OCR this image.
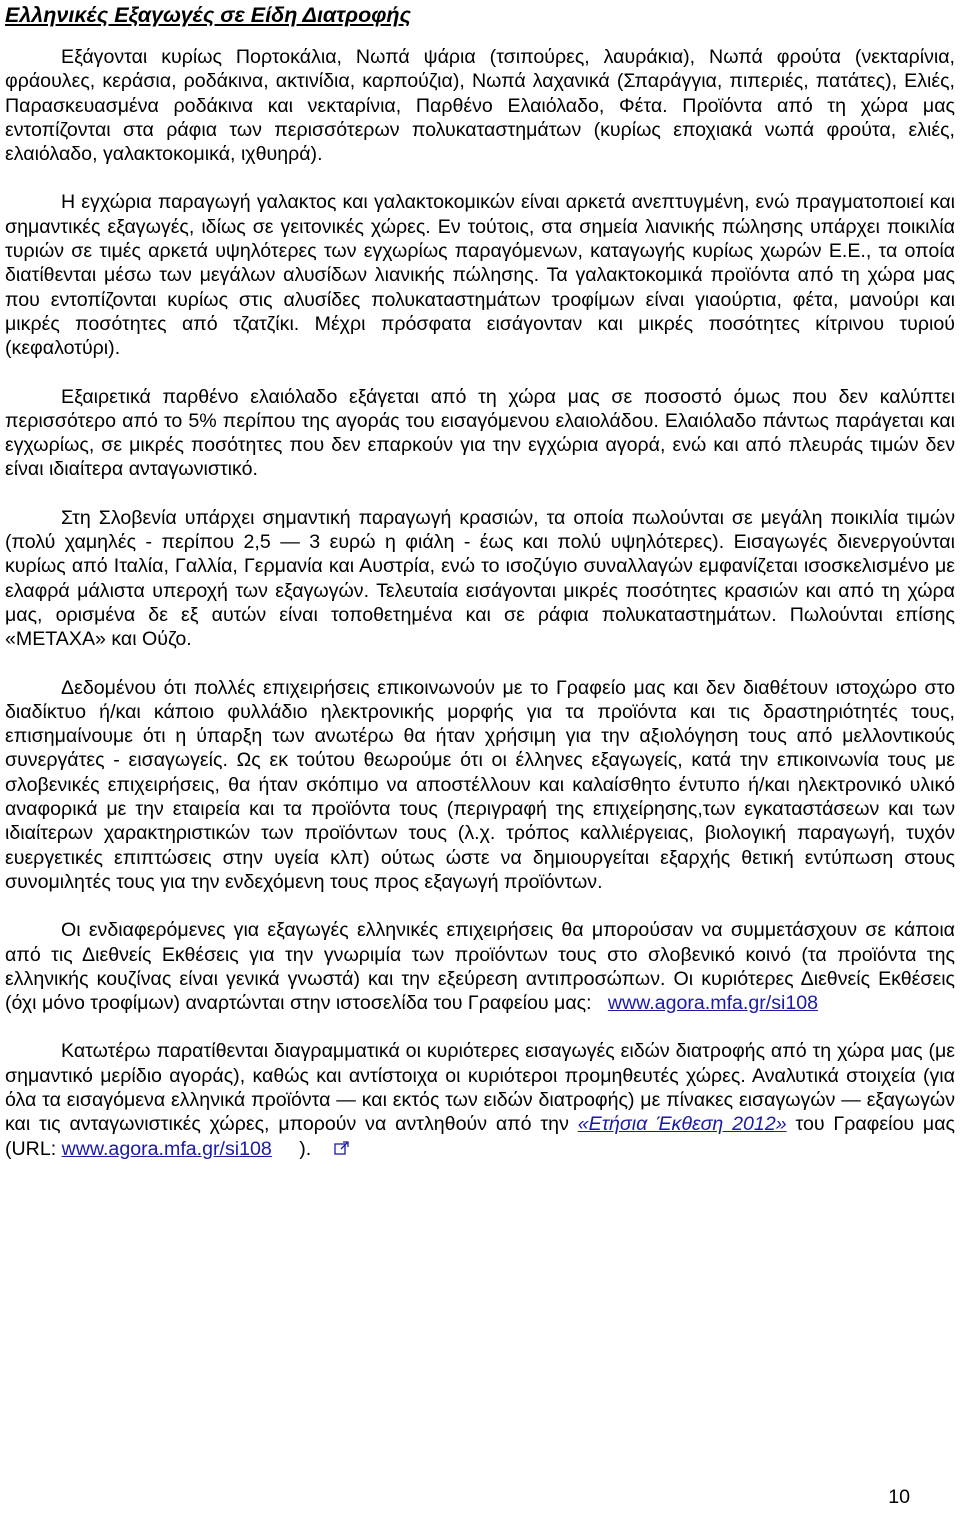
Ελληνικές Εξαγωγές σε Είδη Διατροφής

Εξάγονται κυρίως Πορτοκάλια, Νωπά ψάρια (τσιπούρες, λαυράκια), Νωπά φρούτα (νεκταρίνια, φράουλες, κεράσια, ροδάκινα, ακτινίδια, καρπούζια), Νωπά λαχανικά (Σπαράγγια, πιπεριές, πατάτες), Ελιές, Παρασκευασμένα ροδάκινα και νεκταρίνια, Παρθένο Ελαιόλαδο, Φέτα. Προϊόντα από τη χώρα μας εντοπίζονται στα ράφια των περισσότερων πολυκαταστημάτων (κυρίως εποχιακά νωπά φρούτα, ελιές, ελαιόλαδο, γαλακτοκομικά, ιχθυηρά).

Η εγχώρια παραγωγή γαλακτος και γαλακτοκομικών είναι αρκετά ανεπτυγμένη, ενώ πραγματοποιεί και σημαντικές εξαγωγές, ιδίως σε γειτονικές χώρες. Εν τούτοις, στα σημεία λιανικής πώλησης υπάρχει ποικιλία τυριών σε τιμές αρκετά υψηλότερες των εγχωρίως παραγόμενων, καταγωγής κυρίως χωρών Ε.Ε., τα οποία διατίθενται μέσω των μεγάλων αλυσίδων λιανικής πώλησης. Τα γαλακτοκομικά προϊόντα από τη χώρα μας που εντοπίζονται κυρίως στις αλυσίδες πολυκαταστημάτων τροφίμων είναι γιαούρτια, φέτα, μανούρι και μικρές ποσότητες από τζατζίκι. Μέχρι πρόσφατα εισάγονταν και μικρές ποσότητες κίτρινου τυριού (κεφαλοτύρι).

Εξαιρετικά παρθένο ελαιόλαδο εξάγεται από τη χώρα μας σε ποσοστό όμως που δεν καλύπτει περισσότερο από το 5% περίπου της αγοράς του εισαγόμενου ελαιολάδου. Ελαιόλαδο πάντως παράγεται και εγχωρίως, σε μικρές ποσότητες που δεν επαρκούν για την εγχώρια αγορά, ενώ και από πλευράς τιμών δεν είναι ιδιαίτερα ανταγωνιστικό.

Στη Σλοβενία υπάρχει σημαντική παραγωγή κρασιών, τα οποία πωλούνται σε μεγάλη ποικιλία τιμών (πολύ χαμηλές - περίπου 2,5 — 3 ευρώ η φιάλη - έως και πολύ υψηλότερες). Εισαγωγές διενεργούνται κυρίως από Ιταλία, Γαλλία, Γερμανία και Αυστρία, ενώ το ισοζύγιο συναλλαγών εμφανίζεται ισοσκελισμένο με ελαφρά μάλιστα υπεροχή των εξαγωγών. Τελευταία εισάγονται μικρές ποσότητες κρασιών και από τη χώρα μας, ορισμένα δε εξ αυτών είναι τοποθετημένα και σε ράφια πολυκαταστημάτων. Πωλούνται επίσης «ΜΕΤΑΧΑ» και Ούζο.

Δεδομένου ότι πολλές επιχειρήσεις επικοινωνούν με το Γραφείο μας και δεν διαθέτουν ιστοχώρο στο διαδίκτυο ή/και κάποιο φυλλάδιο ηλεκτρονικής μορφής για τα προϊόντα και τις δραστηριότητές τους, επισημαίνουμε ότι η ύπαρξη των ανωτέρω θα ήταν χρήσιμη για την αξιολόγηση τους από μελλοντικούς συνεργάτες - εισαγωγείς. Ως εκ τούτου θεωρούμε ότι οι έλληνες εξαγωγείς, κατά την επικοινωνία τους με σλοβενικές επιχειρήσεις, θα ήταν σκόπιμο να αποστέλλουν και καλαίσθητο έντυπο ή/και ηλεκτρονικό υλικό αναφορικά με την εταιρεία και τα προϊόντα τους (περιγραφή της επιχείρησης,των εγκαταστάσεων και των ιδιαίτερων χαρακτηριστικών των προϊόντων τους (λ.χ. τρόπος καλλιέργειας, βιολογική παραγωγή, τυχόν ευεργετικές επιπτώσεις στην υγεία κλπ) ούτως ώστε να δημιουργείται εξαρχής θετική εντύπωση στους συνομιλητές τους για την ενδεχόμενη τους προς εξαγωγή προϊόντων.

Οι ενδιαφερόμενες για εξαγωγές ελληνικές επιχειρήσεις θα μπορούσαν να συμμετάσχουν σε κάποια από τις Διεθνείς Εκθέσεις για την γνωριμία των προϊόντων τους στο σλοβενικό κοινό (τα προϊόντα της ελληνικής κουζίνας είναι γενικά γνωστά) και την εξεύρεση αντιπροσώπων. Οι κυριότερες Διεθνείς Εκθέσεις (όχι μόνο τροφίμων) αναρτώνται στην ιστοσελίδα του Γραφείου μας: www.agora.mfa.gr/si108

Κατωτέρω παρατίθενται διαγραμματικά οι κυριότερες εισαγωγές ειδών διατροφής από τη χώρα μας (με σημαντικό μερίδιο αγοράς), καθώς και αντίστοιχα οι κυριότεροι προμηθευτές χώρες. Αναλυτικά στοιχεία (για όλα τα εισαγόμενα ελληνικά προϊόντα — και εκτός των ειδών διατροφής) με πίνακες εισαγωγών — εξαγωγών και τις ανταγωνιστικές χώρες, μπορούν να αντληθούν από την «Ετήσια Έκθεση 2012» του Γραφείου μας (URL: www.agora.mfa.gr/si108 ).

10
